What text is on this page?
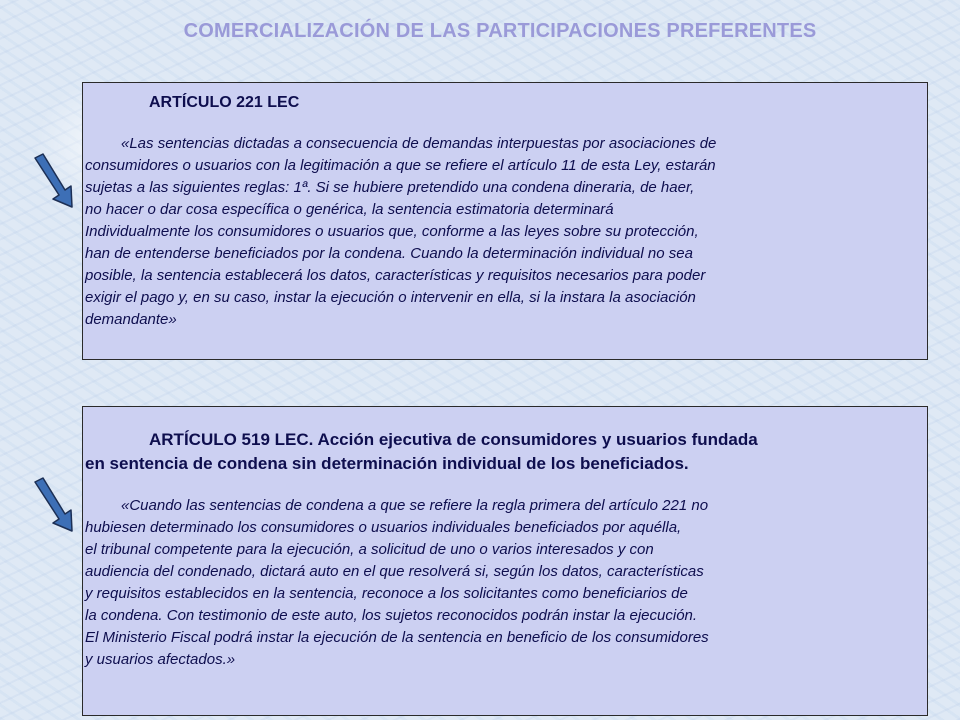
COMERCIALIZACIÓN DE LAS PARTICIPACIONES PREFERENTES
ARTÍCULO 221 LEC
«Las sentencias dictadas a consecuencia de demandas interpuestas por asociaciones de
consumidores o usuarios con la legitimación a que se refiere el artículo 11 de esta Ley, estarán
sujetas a las siguientes reglas: 1ª. Si se hubiere pretendido una condena dineraria, de haer,
no hacer o dar cosa específica o genérica, la sentencia estimatoria determinará
Individualmente los consumidores o usuarios que, conforme a las leyes sobre su protección,
han de entenderse beneficiados por la condena. Cuando la determinación individual no sea
posible, la sentencia establecerá los datos, características y requisitos necesarios para poder
exigir el pago y, en su caso, instar la ejecución o intervenir en ella, si la instara la asociación
demandante»
ARTÍCULO 519 LEC. Acción ejecutiva de consumidores y usuarios fundada
en sentencia de condena sin determinación individual de los beneficiados.
«Cuando las sentencias de condena a que se refiere la regla primera del artículo 221 no
hubiesen determinado los consumidores o usuarios individuales beneficiados por aquélla,
el tribunal competente para la ejecución, a solicitud de uno o varios interesados y con
audiencia del condenado, dictará auto en el que resolverá si, según los datos, características
y requisitos establecidos en la sentencia, reconoce a los solicitantes como beneficiarios de
la condena. Con testimonio de este auto, los sujetos reconocidos podrán instar la ejecución.
El Ministerio Fiscal podrá instar la ejecución de la sentencia en beneficio de los consumidores
y usuarios afectados.»
